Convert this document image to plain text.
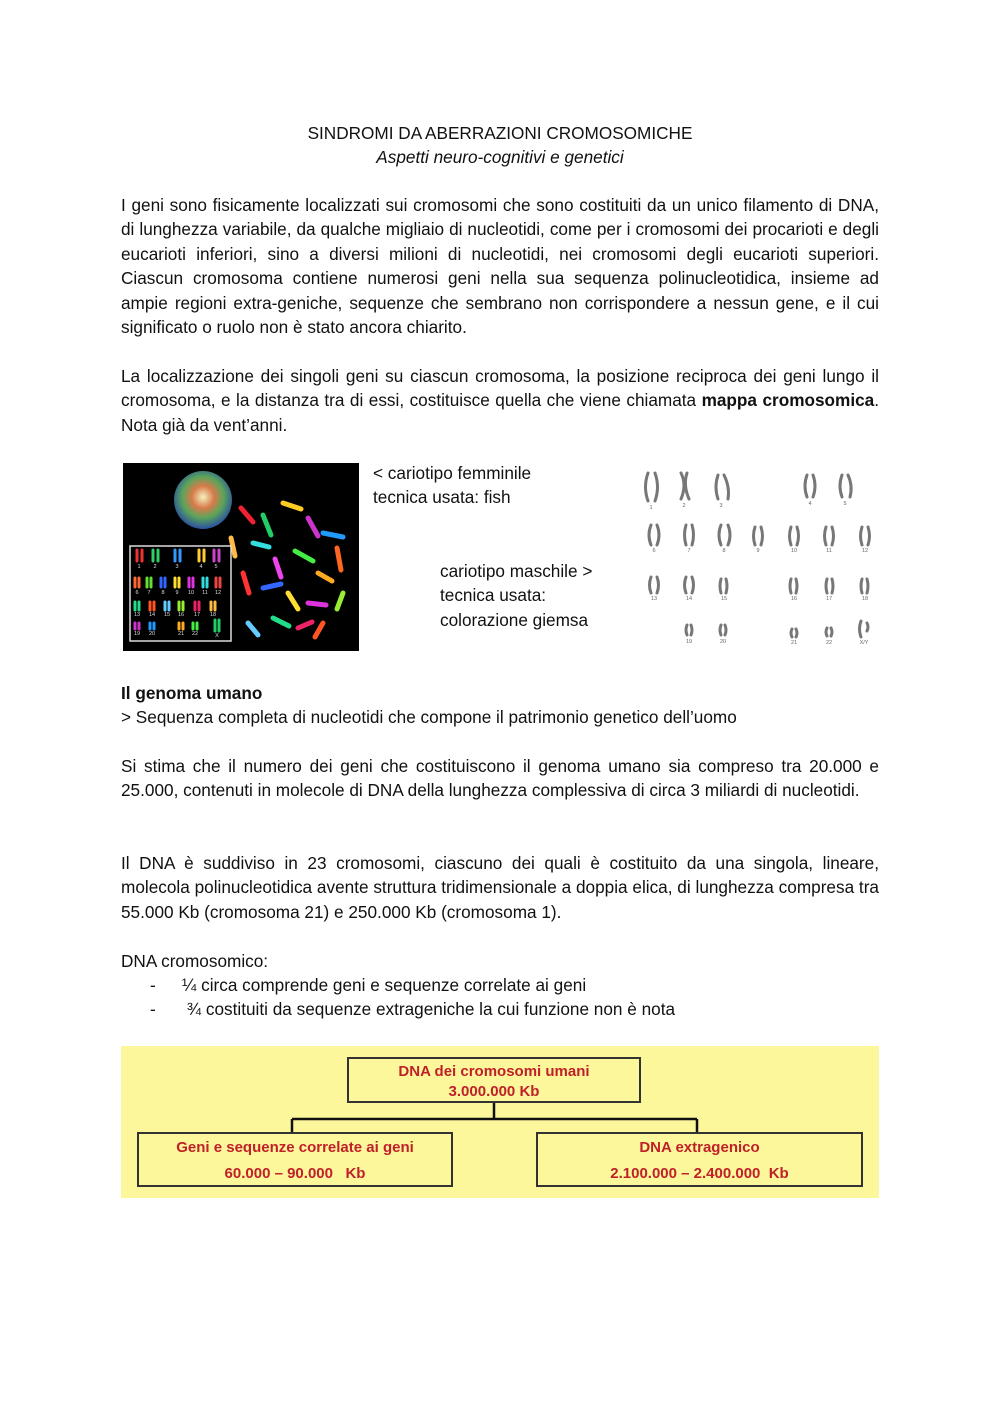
SINDROMI DA ABERRAZIONI CROMOSOMICHE
Aspetti neuro-cognitivi e genetici

I geni sono fisicamente localizzati sui cromosomi che sono costituiti da un unico filamento di DNA, di lunghezza variabile, da qualche migliaio di nucleotidi, come per i cromosomi dei procarioti e degli eucarioti inferiori, sino a diversi milioni di nucleotidi, nei cromosomi degli eucarioti superiori. Ciascun cromosoma contiene numerosi geni nella sua sequenza polinucleotidica, insieme ad ampie regioni extra-geniche, sequenze che sembrano non corrispondere a nessun gene, e il cui significato o ruolo non è stato ancora chiarito.

La localizzazione dei singoli geni su ciascun cromosoma, la posizione reciproca dei geni lungo il cromosoma, e la distanza tra di essi, costituisce quella che viene chiamata mappa cromosomica. Nota già da vent’anni.

1 2	3	4 5
6 7 8 9 10 11 12
13 14 15 16 17 18
19 20	21 22	X
< cariotipo femminile
tecnica usata: fish
cariotipo maschile >
tecnica usata:
colorazione giemsa
1	2	3	4	5
6	7	8	9	10	11	12
13	14	15	16	17	18
19	20	21	22	X/Y

Il genoma umano

> Sequenza completa di nucleotidi che compone il patrimonio genetico dell’uomo

Si stima che il numero dei geni che costituiscono il genoma umano sia compreso tra 20.000 e 25.000, contenuti in molecole di DNA della lunghezza complessiva di circa 3 miliardi di nucleotidi.

Il DNA è suddiviso in 23 cromosomi, ciascuno dei quali è costituito da una singola, lineare, molecola polinucleotidica avente struttura tridimensionale a doppia elica, di lunghezza compresa tra 55.000 Kb (cromosoma 21) e 250.000 Kb (cromosoma 1).

DNA cromosomico:

- ¼ circa comprende geni e sequenze correlate ai geni
- ¾ costituiti da sequenze extrageniche la cui funzione non è nota
DNA dei cromosomi umani
3.000.000 Kb
Geni e sequenze correlate ai geni
60.000 – 90.000   Kb
DNA extragenico
2.100.000 – 2.400.000  Kb
